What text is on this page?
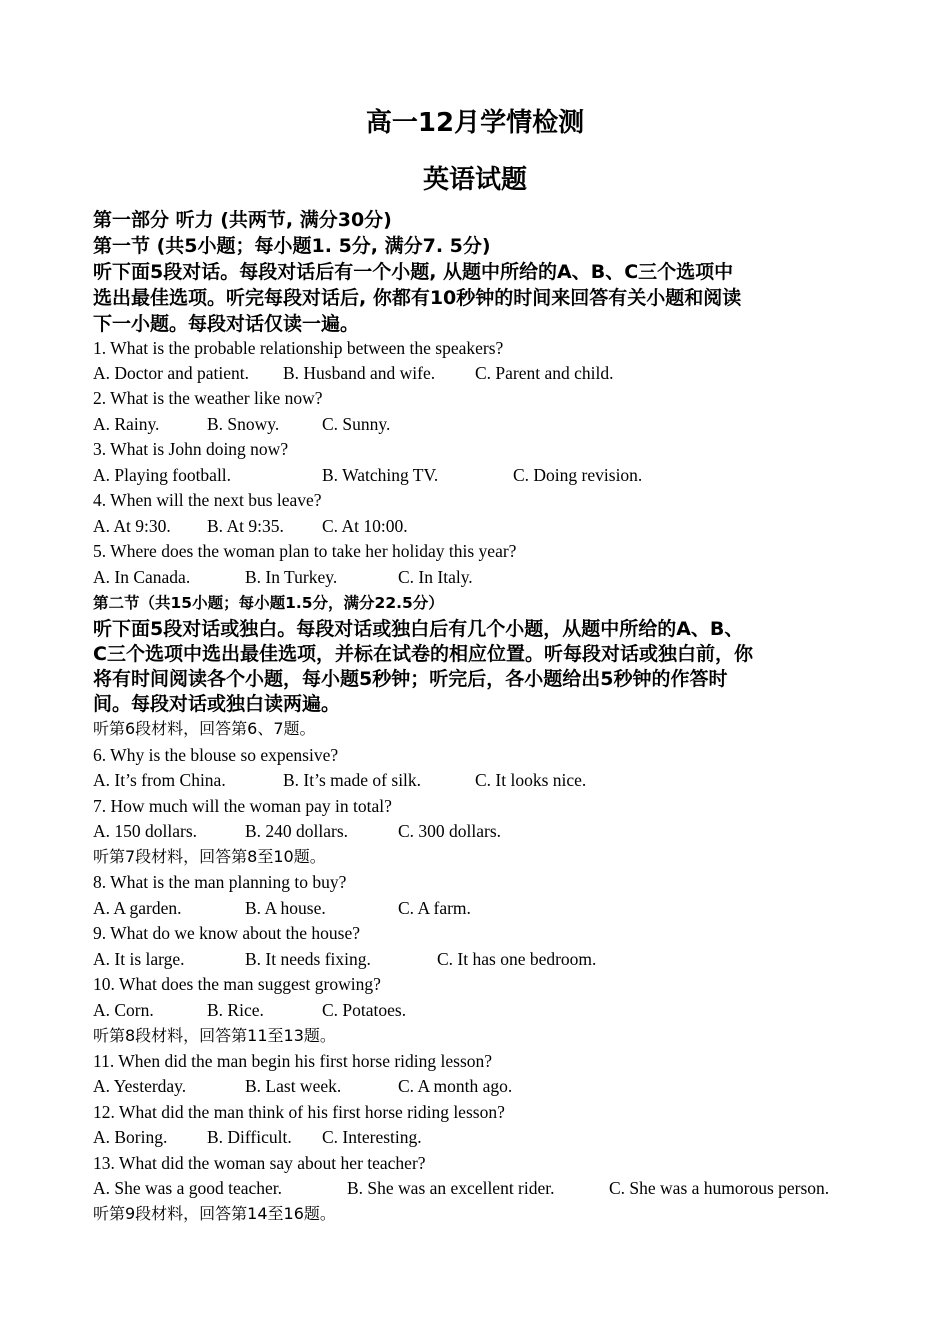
高一12月学情检测
英语试题
第一部分 听力 (共两节, 满分30分)
第一节 (共5小题；每小题1. 5分, 满分7. 5分)
听下面5段对话。每段对话后有一个小题, 从题中所给的A、B、C三个选项中
选出最佳选项。听完每段对话后, 你都有10秒钟的时间来回答有关小题和阅读
下一小题。每段对话仅读一遍。
1. What is the probable relationship between the speakers?
A. Doctor and patient. B. Husband and wife. C. Parent and child.
2. What is the weather like now?
A. Rainy.	B. Snowy. C. Sunny.
3. What is John doing now?
A. Playing football.	B. Watching TV.	C. Doing revision.
4. When will the next bus leave?
A. At 9:30. B. At 9:35. C. At 10:00.
5. Where does the woman plan to take her holiday this year?
A. In Canada.	B. In Turkey.	C. In Italy.
第二节（共15小题；每小题1.5分，满分22.5分）
听下面5段对话或独白。每段对话或独白后有几个小题，从题中所给的A、B、
C三个选项中选出最佳选项，并标在试卷的相应位置。听每段对话或独白前，你
将有时间阅读各个小题，每小题5秒钟；听完后，各小题给出5秒钟的作答时
间。每段对话或独白读两遍。
听第6段材料，回答第6、7题。
6. Why is the blouse so expensive?
A. It’s from China.	B. It’s made of silk.	C. It looks nice.
7. How much will the woman pay in total?
A. 150 dollars.	B. 240 dollars.	C. 300 dollars.
听第7段材料，回答第8至10题。
8. What is the man planning to buy?
A. A garden.	B. A house.	C. A farm.
9. What do we know about the house?
A. It is large.	B. It needs fixing.	C. It has one bedroom.
10. What does the man suggest growing?
A. Corn.	B. Rice.	C. Potatoes.
听第8段材料，回答第11至13题。
11. When did the man begin his first horse riding lesson?
A. Yesterday.	B. Last week.	C. A month ago.
12. What did the man think of his first horse riding lesson?
A. Boring. B. Difficult. C. Interesting.
13. What did the woman say about her teacher?
A. She was a good teacher.	B. She was an excellent rider.	C. She was a humorous person.
听第9段材料，回答第14至16题。
